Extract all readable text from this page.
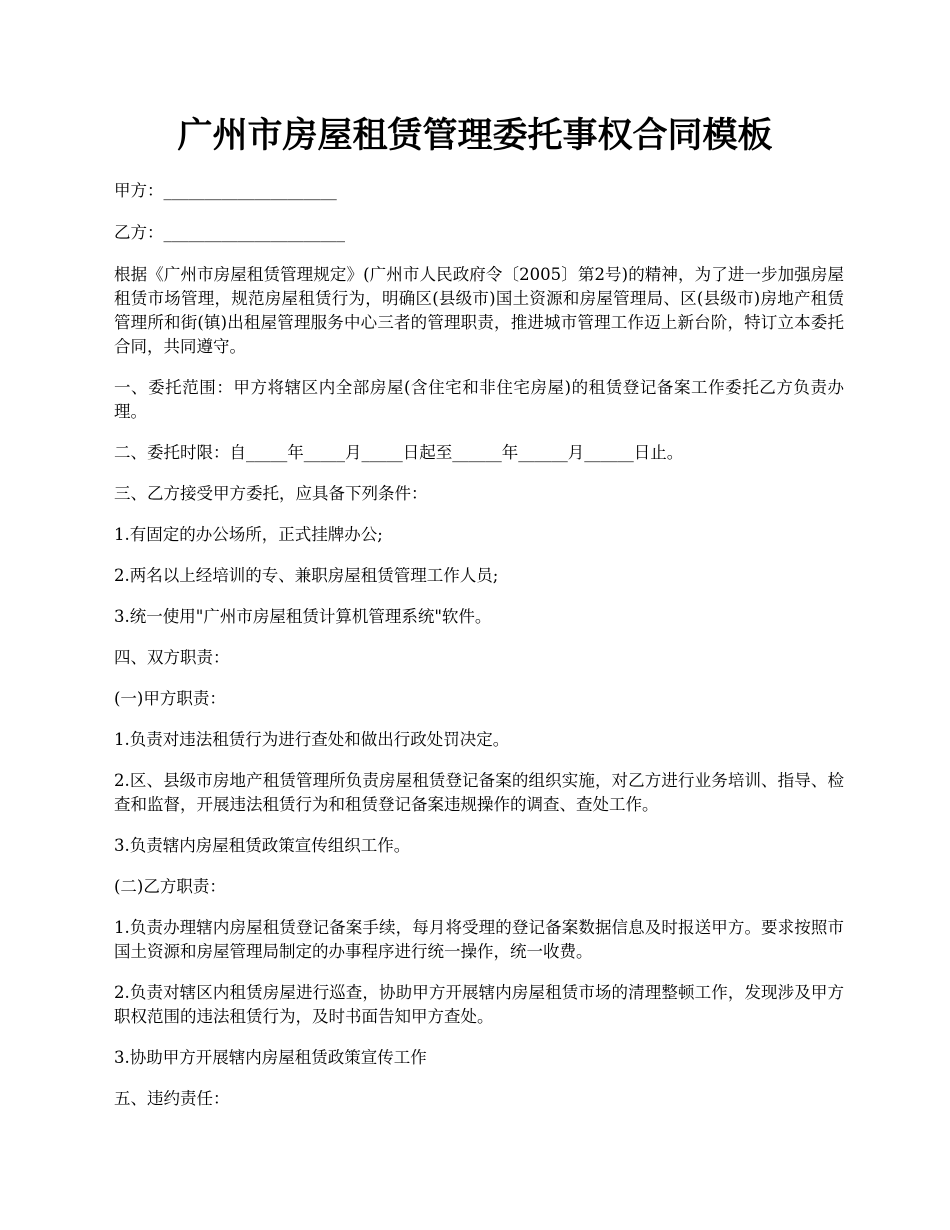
广州市房屋租赁管理委托事权合同模板
甲方：_____________________
乙方：______________________
根据《广州市房屋租赁管理规定》(广州市人民政府令〔2005〕第2号)的精神，为了进一步加强房屋租赁市场管理，规范房屋租赁行为，明确区(县级市)国土资源和房屋管理局、区(县级市)房地产租赁管理所和街(镇)出租屋管理服务中心三者的管理职责，推进城市管理工作迈上新台阶，特订立本委托合同，共同遵守。
一、委托范围：甲方将辖区内全部房屋(含住宅和非住宅房屋)的租赁登记备案工作委托乙方负责办理。
二、委托时限：自_____年_____月_____日起至______年______月______日止。
三、乙方接受甲方委托，应具备下列条件：
1.有固定的办公场所，正式挂牌办公;
2.两名以上经培训的专、兼职房屋租赁管理工作人员;
3.统一使用"广州市房屋租赁计算机管理系统"软件。
四、双方职责：
(一)甲方职责：
1.负责对违法租赁行为进行查处和做出行政处罚决定。
2.区、县级市房地产租赁管理所负责房屋租赁登记备案的组织实施，对乙方进行业务培训、指导、检查和监督，开展违法租赁行为和租赁登记备案违规操作的调查、查处工作。
3.负责辖内房屋租赁政策宣传组织工作。
(二)乙方职责：
1.负责办理辖内房屋租赁登记备案手续，每月将受理的登记备案数据信息及时报送甲方。要求按照市国土资源和房屋管理局制定的办事程序进行统一操作，统一收费。
2.负责对辖区内租赁房屋进行巡查，协助甲方开展辖内房屋租赁市场的清理整顿工作，发现涉及甲方职权范围的违法租赁行为，及时书面告知甲方查处。
3.协助甲方开展辖内房屋租赁政策宣传工作
五、违约责任：
